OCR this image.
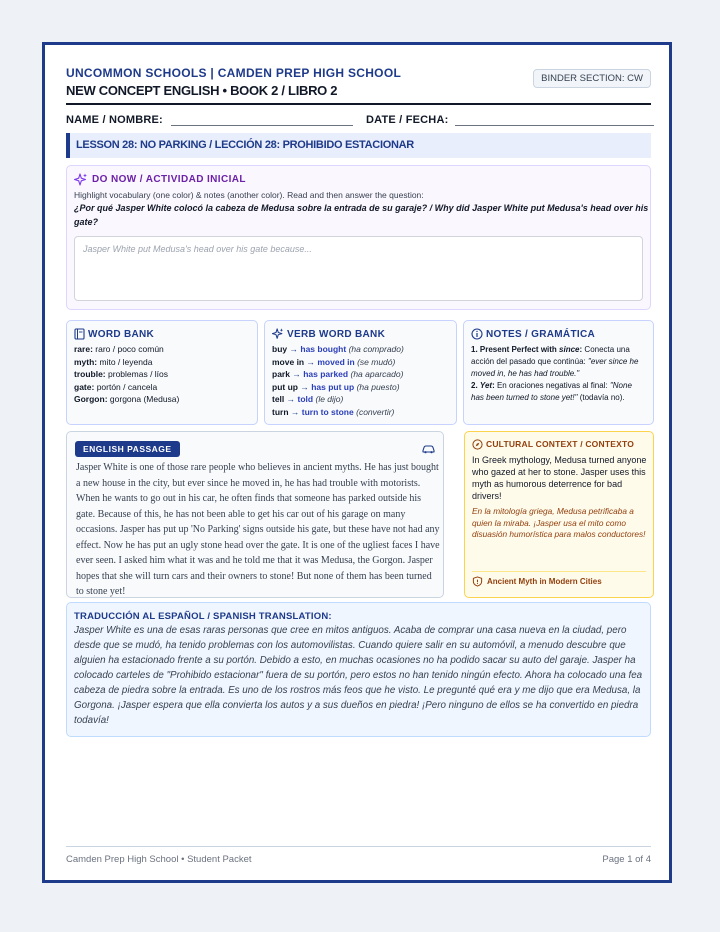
UNCOMMON SCHOOLS | CAMDEN PREP HIGH SCHOOL
NEW CONCEPT ENGLISH • BOOK 2 / LIBRO 2
BINDER SECTION: CW
NAME / NOMBRE:	DATE / FECHA:
LESSON 28: NO PARKING / LECCIÓN 28: PROHIBIDO ESTACIONAR
DO NOW / ACTIVIDAD INICIAL
Highlight vocabulary (one color) & notes (another color). Read and then answer the question:
¿Por qué Jasper White colocó la cabeza de Medusa sobre la entrada de su garaje? / Why did Jasper White put Medusa's head over his gate?
Jasper White put Medusa's head over his gate because...
WORD BANK
rare: raro / poco común
myth: mito / leyenda
trouble: problemas / líos
gate: portón / cancela
Gorgon: gorgona (Medusa)
VERB WORD BANK
buy → has bought (ha comprado)
move in → moved in (se mudó)
park → has parked (ha aparcado)
put up → has put up (ha puesto)
tell → told (le dijo)
turn → turn to stone (convertir)
NOTES / GRAMÁTICA
1. Present Perfect with since: Conecta una acción del pasado que continúa: "ever since he moved in, he has had trouble."
2. Yet: En oraciones negativas al final: "None has been turned to stone yet!" (todavía no).
ENGLISH PASSAGE
Jasper White is one of those rare people who believes in ancient myths. He has just bought a new house in the city, but ever since he moved in, he has had trouble with motorists. When he wants to go out in his car, he often finds that someone has parked outside his gate. Because of this, he has not been able to get his car out of his garage on many occasions. Jasper has put up 'No Parking' signs outside his gate, but these have not had any effect. Now he has put an ugly stone head over the gate. It is one of the ugliest faces I have ever seen. I asked him what it was and he told me that it was Medusa, the Gorgon. Jasper hopes that she will turn cars and their owners to stone! But none of them has been turned to stone yet!
CULTURAL CONTEXT / CONTEXTO
In Greek mythology, Medusa turned anyone who gazed at her to stone. Jasper uses this myth as humorous deterrence for bad drivers!
En la mitología griega, Medusa petrificaba a quien la miraba. ¡Jasper usa el mito como disuasión humorística para malos conductores!
Ancient Myth in Modern Cities
TRADUCCIÓN AL ESPAÑOL / SPANISH TRANSLATION:
Jasper White es una de esas raras personas que cree en mitos antiguos. Acaba de comprar una casa nueva en la ciudad, pero desde que se mudó, ha tenido problemas con los automovilistas. Cuando quiere salir en su automóvil, a menudo descubre que alguien ha estacionado frente a su portón. Debido a esto, en muchas ocasiones no ha podido sacar su auto del garaje. Jasper ha colocado carteles de "Prohibido estacionar" fuera de su portón, pero estos no han tenido ningún efecto. Ahora ha colocado una fea cabeza de piedra sobre la entrada. Es uno de los rostros más feos que he visto. Le pregunté qué era y me dijo que era Medusa, la Gorgona. ¡Jasper espera que ella convierta los autos y a sus dueños en piedra! ¡Pero ninguno de ellos se ha convertido en piedra todavía!
Camden Prep High School • Student Packet	Page 1 of 4
